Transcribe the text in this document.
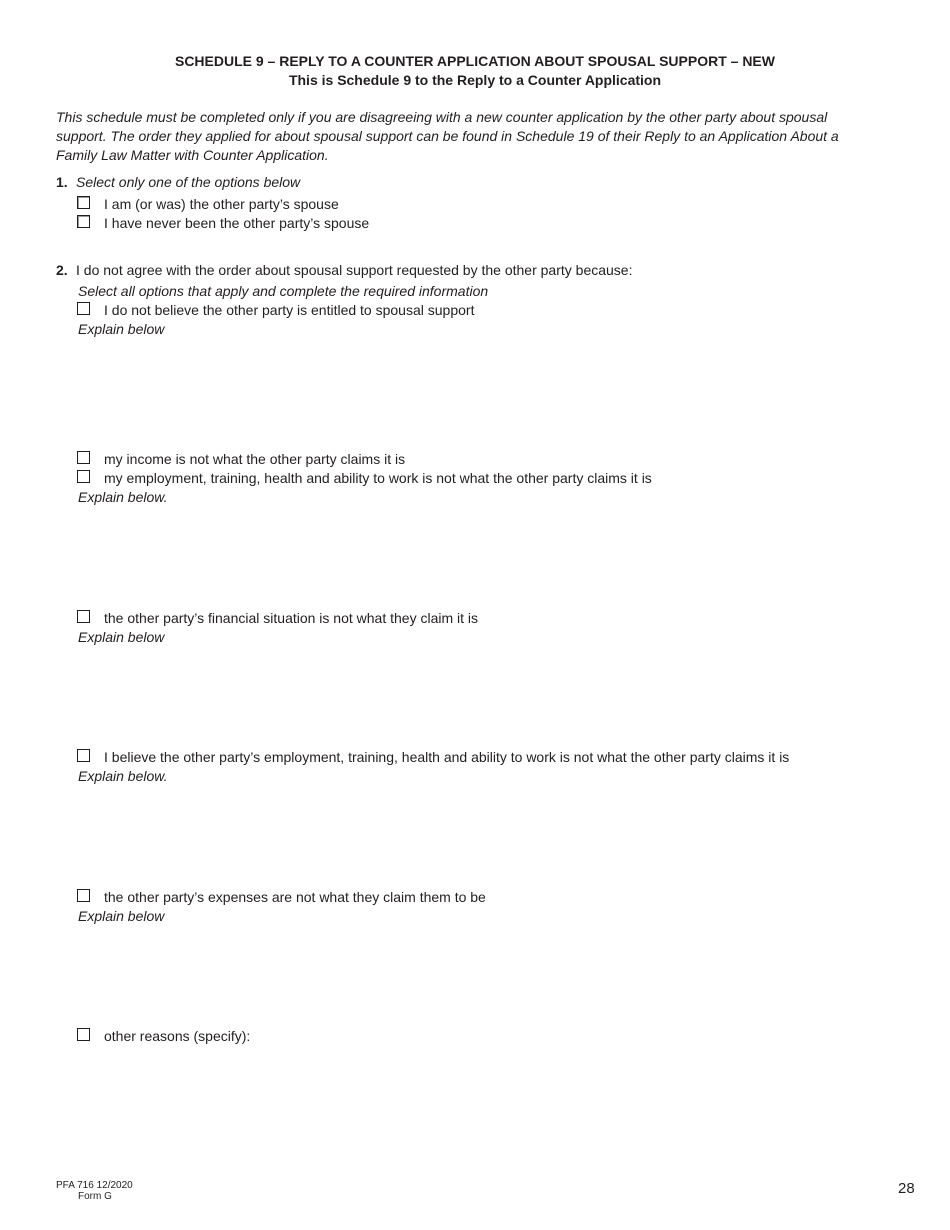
SCHEDULE 9 – REPLY TO A COUNTER APPLICATION ABOUT SPOUSAL SUPPORT – NEW
This is Schedule 9 to the Reply to a Counter Application
This schedule must be completed only if you are disagreeing with a new counter application by the other party about spousal support. The order they applied for about spousal support can be found in Schedule 19 of their Reply to an Application About a Family Law Matter with Counter Application.
1. Select only one of the options below
I am (or was) the other party’s spouse
I have never been the other party’s spouse
2. I do not agree with the order about spousal support requested by the other party because:
Select all options that apply and complete the required information
I do not believe the other party is entitled to spousal support
Explain below
my income is not what the other party claims it is
my employment, training, health and ability to work is not what the other party claims it is
Explain below.
the other party’s financial situation is not what they claim it is
Explain below
I believe the other party’s employment, training, health and ability to work is not what the other party claims it is
Explain below.
the other party’s expenses are not what they claim them to be
Explain below
other reasons (specify):
PFA 716 12/2020
Form G	28
